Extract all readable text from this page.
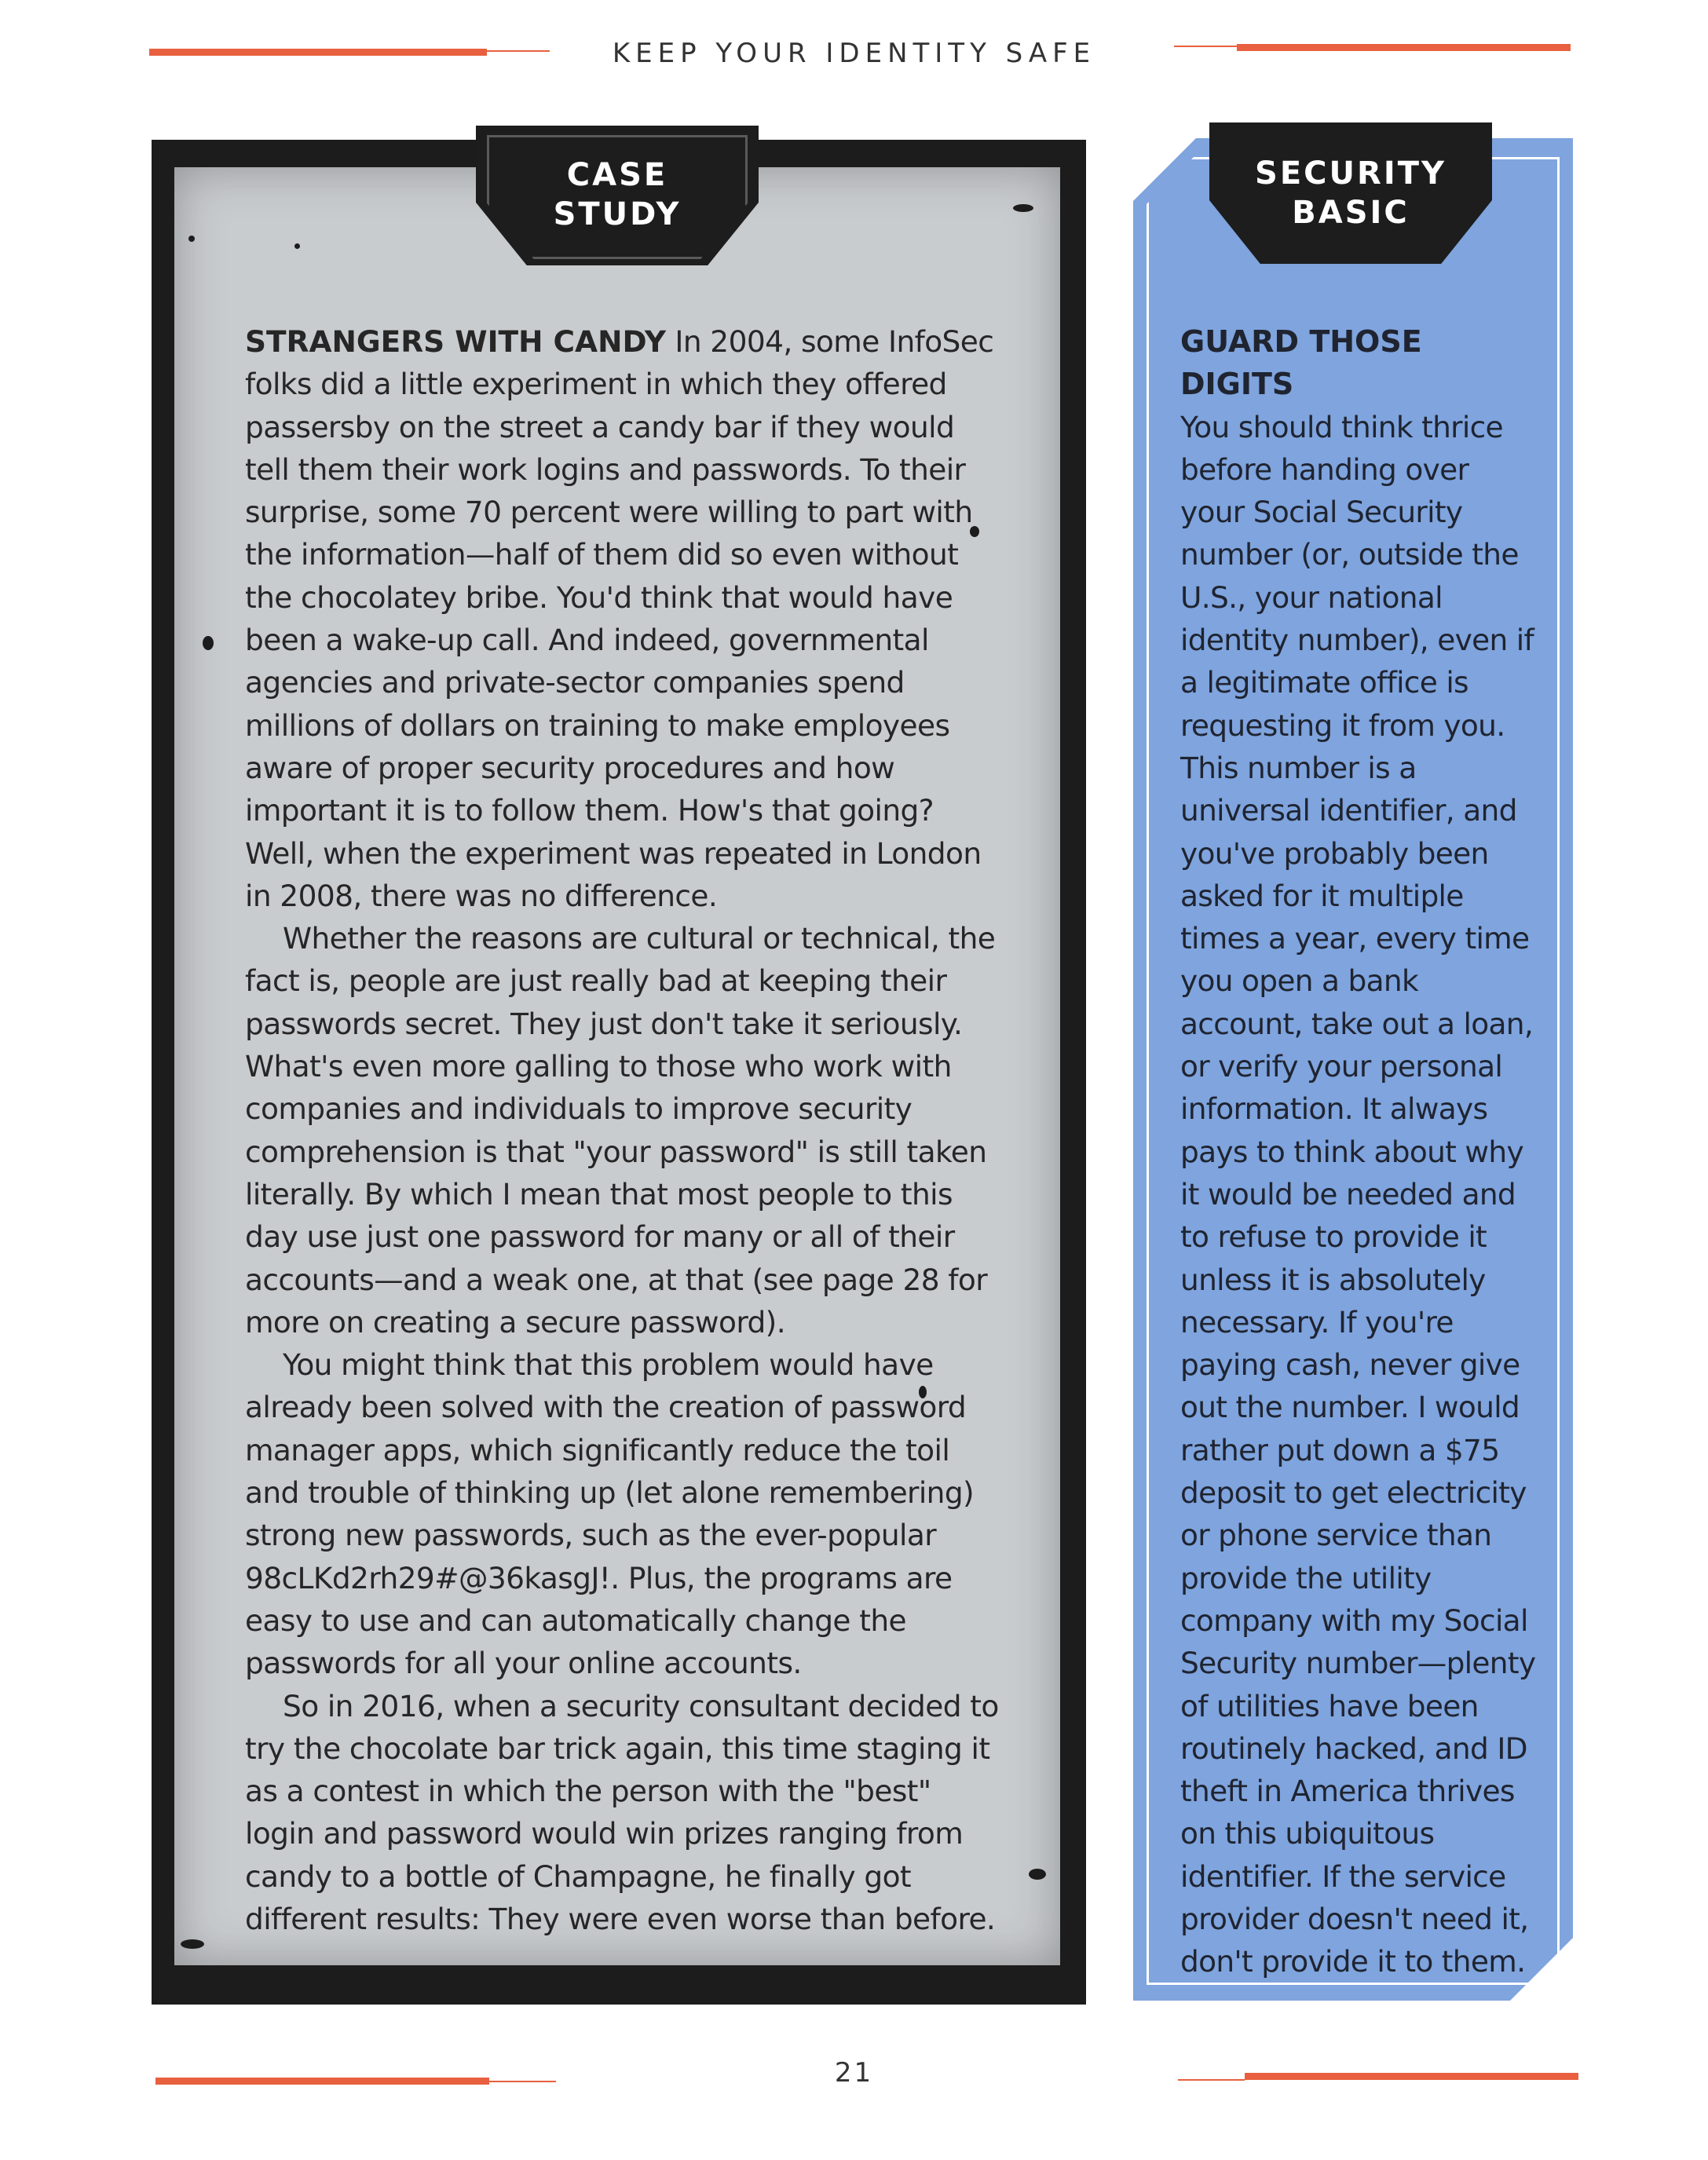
KEEP YOUR IDENTITY SAFE
CASE
STUDY

STRANGERS WITH CANDY In 2004, some InfoSec folks did a little experiment in which they offered passersby on the street a candy bar if they would tell them their work logins and passwords. To their surprise, some 70 percent were willing to part with the information—half of them did so even without the chocolatey bribe. You'd think that would have been a wake-up call. And indeed, governmental agencies and private-sector companies spend millions of dollars on training to make employees aware of proper security procedures and how important it is to follow them. How's that going? Well, when the experiment was repeated in London in 2008, there was no difference.

Whether the reasons are cultural or technical, the fact is, people are just really bad at keeping their passwords secret. They just don't take it seriously. What's even more galling to those who work with companies and individuals to improve security comprehension is that "your password" is still taken literally. By which I mean that most people to this day use just one password for many or all of their accounts—and a weak one, at that (see page 28 for more on creating a secure password).

You might think that this problem would have already been solved with the creation of password manager apps, which significantly reduce the toil and trouble of thinking up (let alone remembering) strong new passwords, such as the ever-popular 98cLKd2rh29#@36kasgJ!. Plus, the programs are easy to use and can automatically change the passwords for all your online accounts.

So in 2016, when a security consultant decided to try the chocolate bar trick again, this time staging it as a contest in which the person with the "best" login and password would win prizes ranging from candy to a bottle of Champagne, he finally got different results: They were even worse than before.

SECURITY
BASIC
GUARD THOSE DIGITS

You should think thrice before handing over your Social Security number (or, outside the U.S., your national identity number), even if a legitimate office is requesting it from you. This number is a universal identifier, and you've probably been asked for it multiple times a year, every time you open a bank account, take out a loan, or verify your personal information. It always pays to think about why it would be needed and to refuse to provide it unless it is absolutely necessary. If you're paying cash, never give out the number. I would rather put down a $75 deposit to get electricity or phone service than provide the utility company with my Social Security number—plenty of utilities have been routinely hacked, and ID theft in America thrives on this ubiquitous identifier. If the service provider doesn't need it, don't provide it to them.

21
